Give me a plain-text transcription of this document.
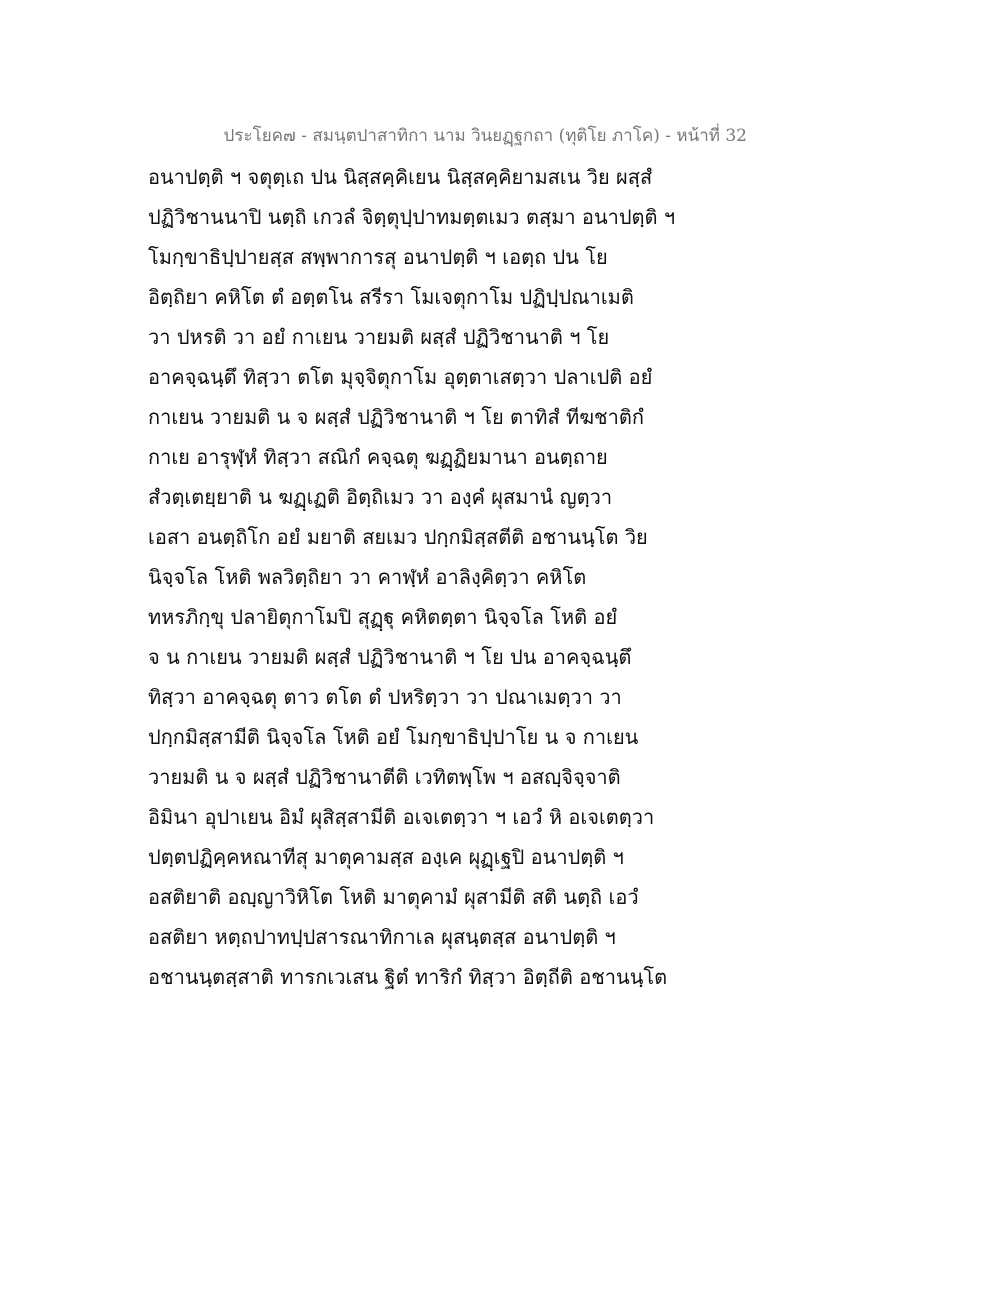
ประโยค๗ - สมนฺตปาสาทิกา นาม วินยฏฺฐกถา (ทุติโย ภาโค) - หน้าที่ 32
อนาปตฺติ ฯ จตุตฺเถ ปน นิสฺสคฺคิเยน นิสฺสคฺคิยามสเน วิย ผสฺสํ
ปฏิวิชานนาปิ นตฺถิ เกวลํ จิตฺตุปฺปาทมตฺตเมว ตสฺมา อนาปตฺติ ฯ
โมกฺขาธิปฺปายสฺส สพฺพาการสุ อนาปตฺติ ฯ เอตฺถ ปน โย
อิตฺถิยา คหิโต ตํ อตฺตโน สรีรา โมเจตุกาโม ปฏิปฺปณาเมติ
วา ปหรติ วา อยํ กาเยน วายมติ ผสฺสํ ปฏิวิชานาติ ฯ โย
อาคจฺฉนฺตึ ทิสฺวา ตโต มุจฺจิตุกาโม อุตฺตาเสตฺวา ปลาเปติ อยํ
กาเยน วายมติ น จ ผสฺสํ ปฏิวิชานาติ ฯ โย ตาทิสํ ทีฆชาติกํ
กาเย อารุฬฺหํ ทิสฺวา สณิกํ คจฺฉตุ ฆฏฺฏิยมานา อนตฺถาย
สํวตฺเตยฺยาติ น ฆฏฺเฏติ อิตฺถิเมว วา องฺคํ ผุสมานํ ญตฺวา
เอสา อนตฺถิโก อยํ มยาติ สยเมว ปกฺกมิสฺสตีติ อชานนฺโต วิย
นิจฺจโล โหติ พลวิตฺถิยา วา คาฬฺหํ อาลิงฺคิตฺวา คหิโต
ทหรภิกฺขุ ปลายิตุกาโมปิ สุฏฺฐุ คหิตตฺตา นิจฺจโล โหติ อยํ
จ น กาเยน วายมติ ผสฺสํ ปฏิวิชานาติ ฯ โย ปน อาคจฺฉนฺตึ
ทิสฺวา อาคจฺฉตุ ตาว ตโต ตํ ปหริตฺวา วา ปณาเมตฺวา วา
ปกฺกมิสฺสามีติ นิจฺจโล โหติ อยํ โมกฺขาธิปฺปาโย น จ กาเยน
วายมติ น จ ผสฺสํ ปฏิวิชานาตีติ เวทิตพฺโพ ฯ อสญฺจิจฺจาติ
อิมินา อุปาเยน อิมํ ผุสิสฺสามีติ อเจเตตฺวา ฯ เอวํ หิ อเจเตตฺวา
ปตฺตปฏิคฺคหณาทีสุ มาตุคามสฺส องฺเค ผุฏฺเฐปิ อนาปตฺติ ฯ
อสติยาติ อญฺญาวิหิโต โหติ มาตุคามํ ผุสามีติ สติ นตฺถิ เอวํ
อสติยา หตฺถปาทปฺปสารณาทิกาเล ผุสนฺตสฺส อนาปตฺติ ฯ
อชานนฺตสฺสาติ ทารกเวเสน ฐิตํ ทาริกํ ทิสฺวา อิตฺถีติ อชานนฺโต
